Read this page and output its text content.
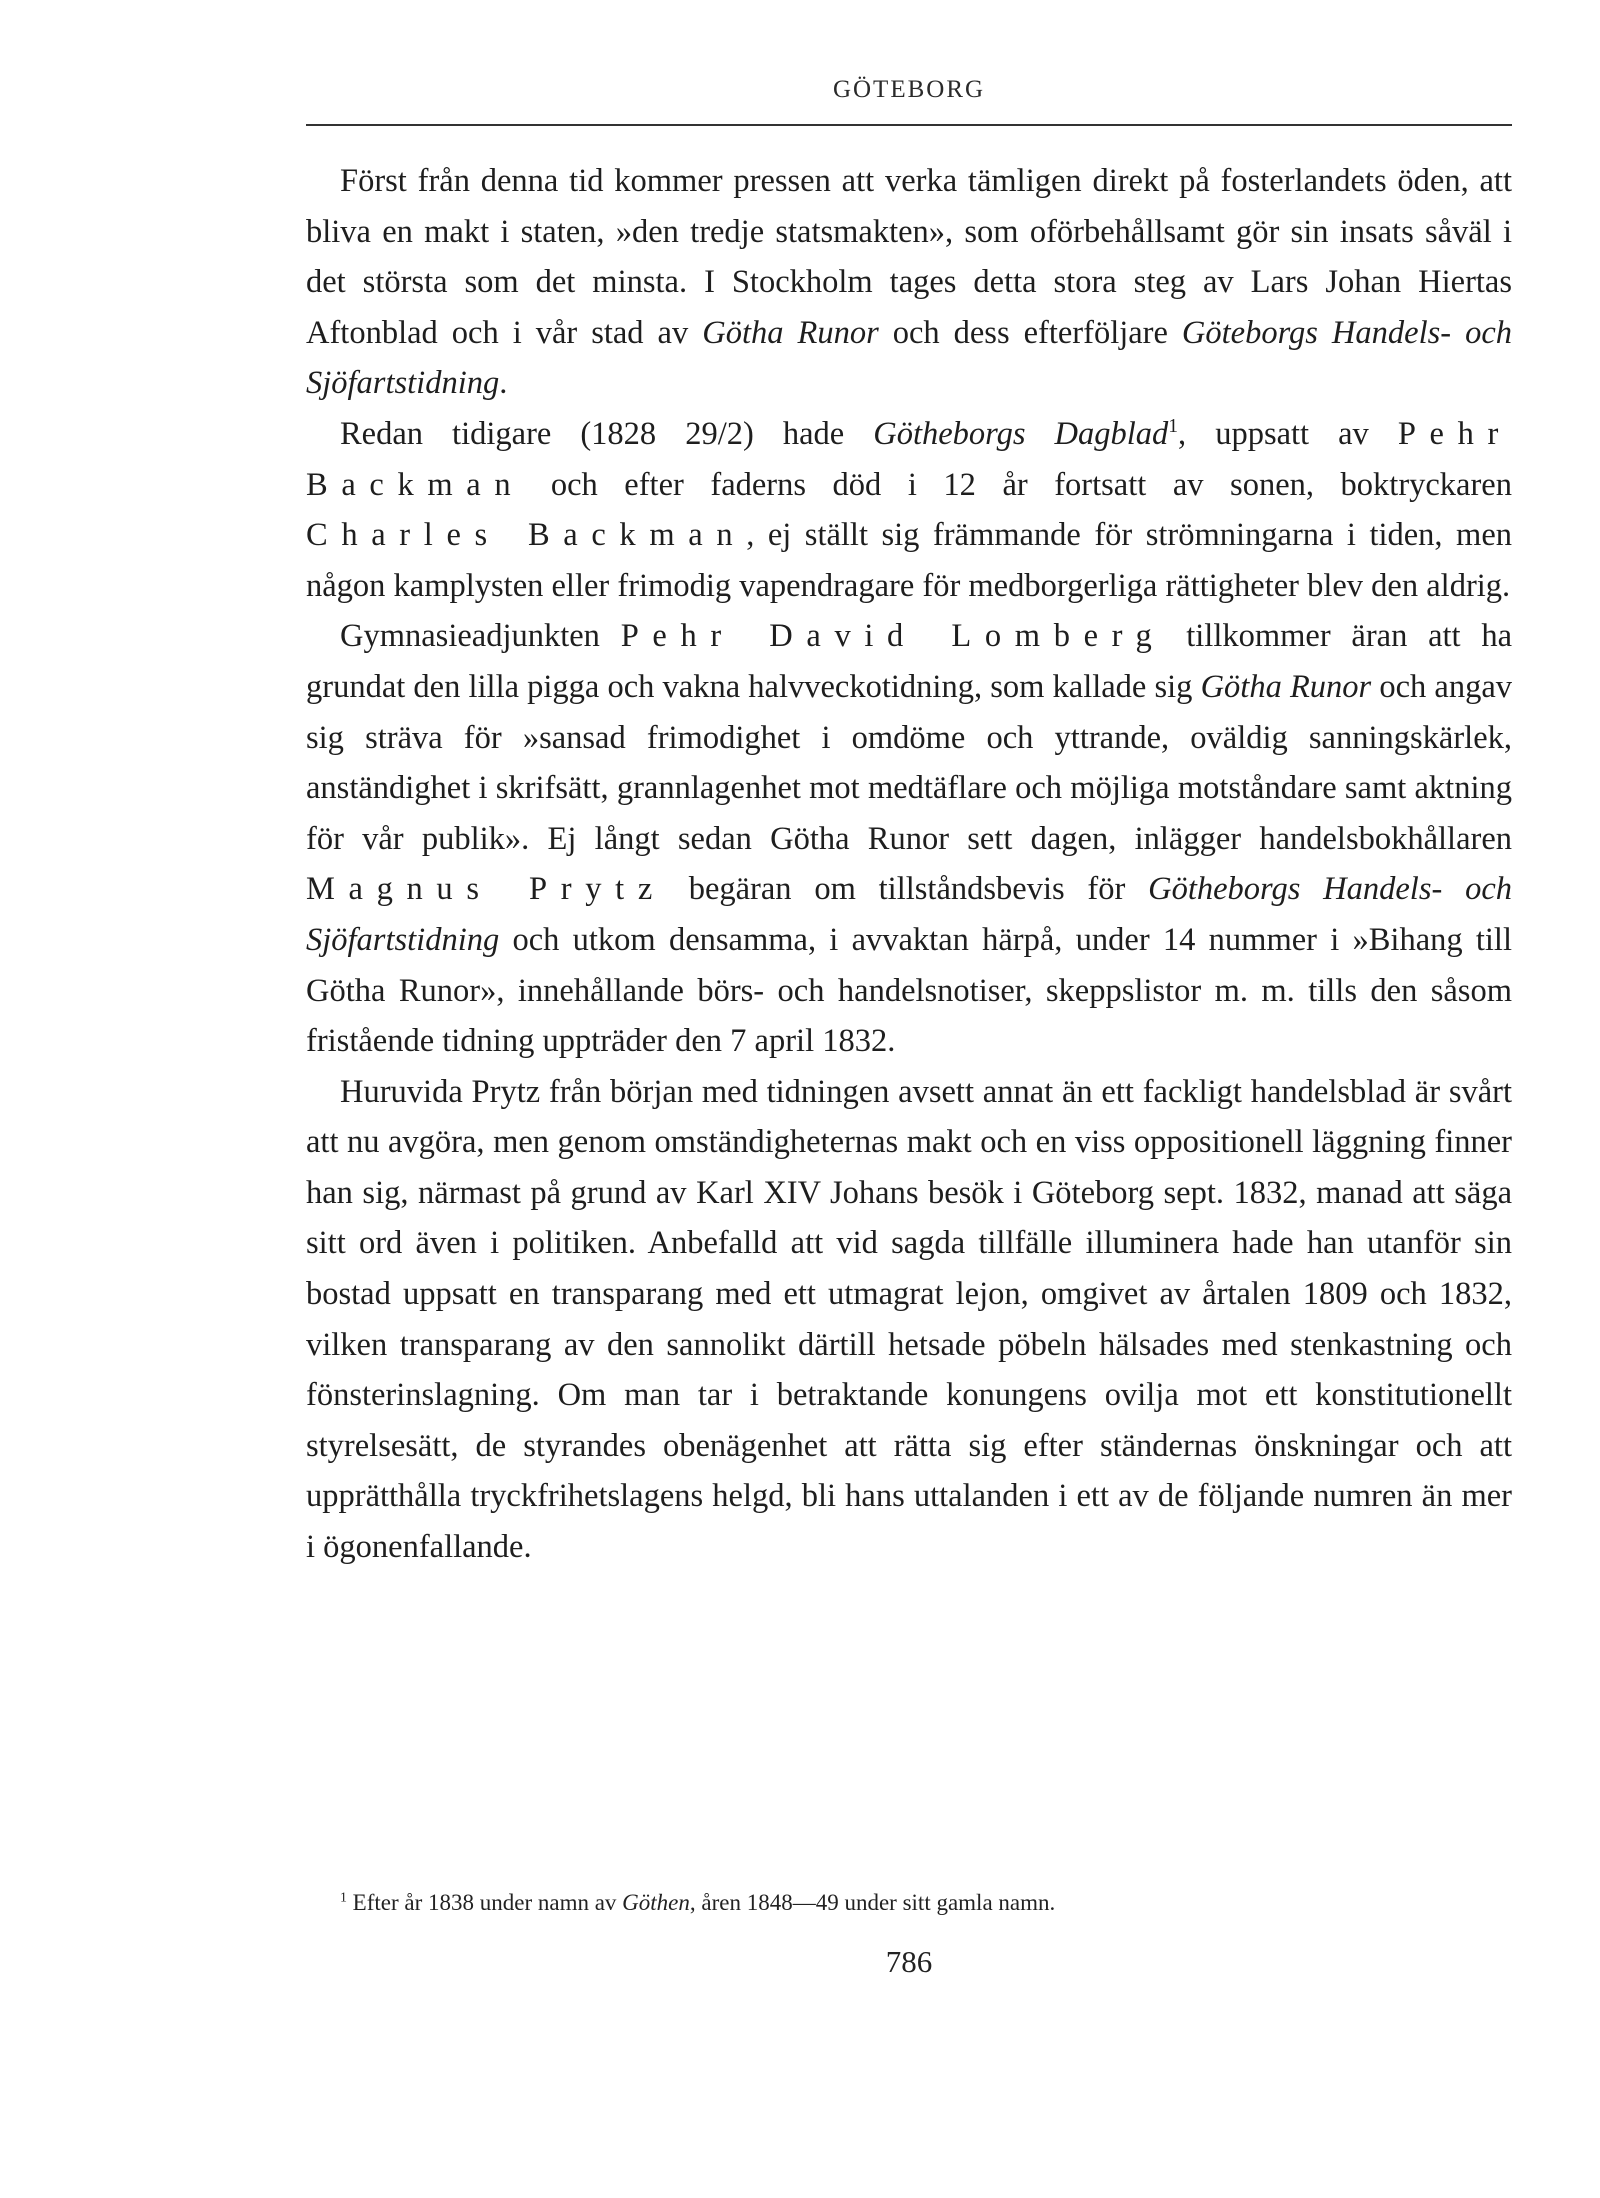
GÖTEBORG

Först från denna tid kommer pressen att verka tämligen direkt på fosterlandets öden, att bliva en makt i staten, »den tredje statsmakten», som oförbehållsamt gör sin insats såväl i det största som det minsta. I Stockholm tages detta stora steg av Lars Johan Hiertas Aftonblad och i vår stad av Götha Runor och dess efterföljare Göteborgs Handels- och Sjöfartstidning.

Redan tidigare (1828 29/2) hade Götheborgs Dagblad$^1$, uppsatt av Pehr Backman och efter faderns död i 12 år fortsatt av sonen, boktryckaren Charles Backman, ej ställt sig främmande för strömningarna i tiden, men någon kamplysten eller frimodig vapendragare för medborgerliga rättigheter blev den aldrig.

Gymnasieadjunkten Pehr David Lomberg tillkommer äran att ha grundat den lilla pigga och vakna halvveckotidning, som kallade sig Götha Runor och angav sig sträva för »sansad frimodighet i omdöme och yttrande, oväldig sanningskärlek, anständighet i skrifsätt, grannlagenhet mot medtäflare och möjliga motståndare samt aktning för vår publik». Ej långt sedan Götha Runor sett dagen, inlägger handelsbokhållaren Magnus Prytz begäran om tillståndsbevis för Götheborgs Handels- och Sjöfartstidning och utkom densamma, i avvaktan härpå, under 14 nummer i »Bihang till Götha Runor», innehållande börs- och handelsnotiser, skeppslistor m. m. tills den såsom fristående tidning uppträder den 7 april 1832.

Huruvida Prytz från början med tidningen avsett annat än ett fackligt handelsblad är svårt att nu avgöra, men genom omständigheternas makt och en viss oppositionell läggning finner han sig, närmast på grund av Karl XIV Johans besök i Göteborg sept. 1832, manad att säga sitt ord även i politiken. Anbefalld att vid sagda tillfälle illuminera hade han utanför sin bostad uppsatt en transparang med ett utmagrat lejon, omgivet av årtalen 1809 och 1832, vilken transparang av den sannolikt därtill hetsade pöbeln hälsades med stenkastning och fönsterinslagning. Om man tar i betraktande konungens ovilja mot ett konstitutionellt styrelsesätt, de styrandes obenägenhet att rätta sig efter ständernas önskningar och att upprätthålla tryckfrihetslagens helgd, bli hans uttalanden i ett av de följande numren än mer i ögonenfallande.

$^1$ Efter år 1838 under namn av Göthen, åren 1848—49 under sitt gamla namn.
786
